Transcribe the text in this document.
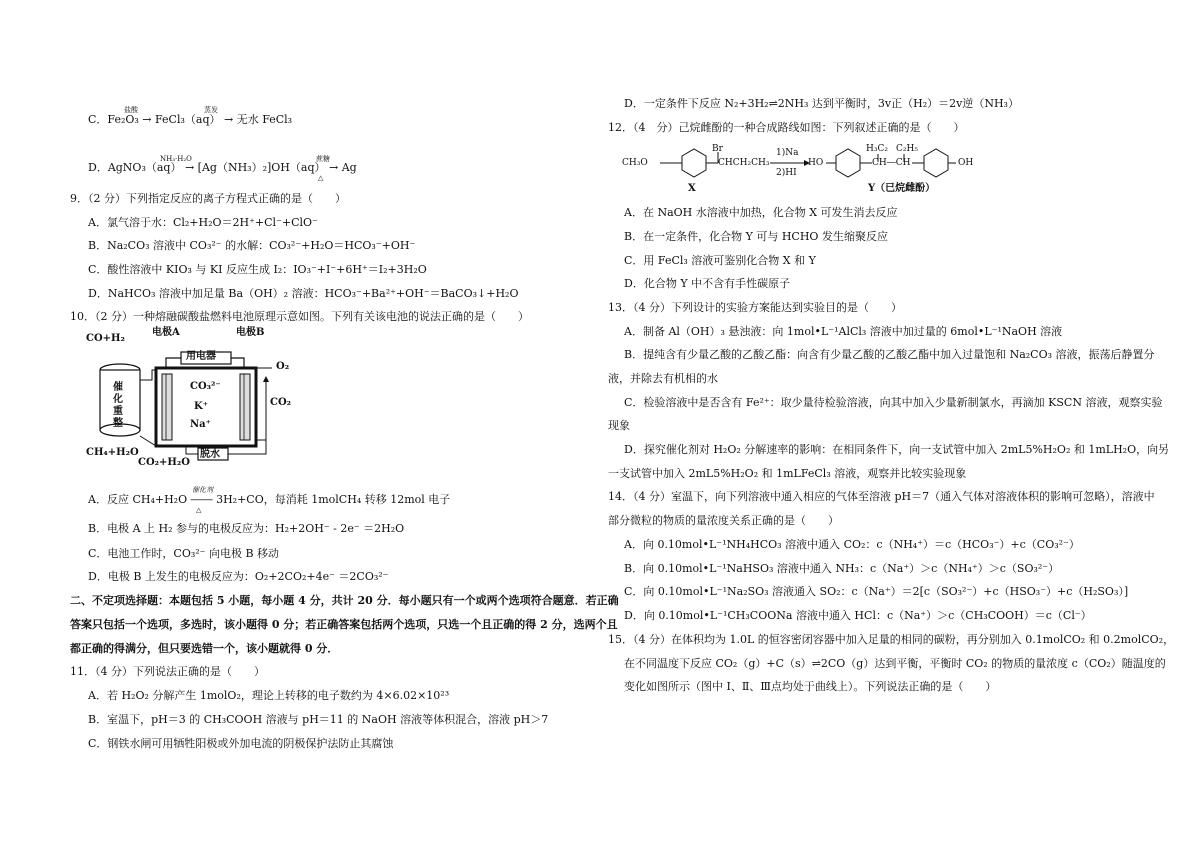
盐酸	蒸发
C．Fe₂O₃ → FeCl₃（aq） → 无水 FeCl₃
NH₃·H₂O	蔗糖
D．AgNO₃（aq） → [Ag（NH₃）₂]OH（aq） → Ag
△
9．（2 分）下列指定反应的离子方程式正确的是（　　）
A．氯气溶于水：Cl₂+H₂O＝2H⁺+Cl⁻+ClO⁻
B．Na₂CO₃ 溶液中 CO₃²⁻ 的水解：CO₃²⁻+H₂O＝HCO₃⁻+OH⁻
C．酸性溶液中 KIO₃ 与 KI 反应生成 I₂：IO₃⁻+I⁻+6H⁺＝I₂+3H₂O
D．NaHCO₃ 溶液中加足量 Ba（OH）₂ 溶液：HCO₃⁻+Ba²⁺+OH⁻＝BaCO₃↓+H₂O
10．（2 分）一种熔融碳酸盐燃料电池原理示意如图。下列有关该电池的说法正确的是（　　）
CO+H₂
电极A	电极B
用电器
O₂
CO₂
催化重整
CO₃²⁻
K⁺
Na⁺
CH₄+H₂O
CO₂+H₂O
脱水
催化剂
A．反应 CH₄+H₂O ―― 3H₂+CO，每消耗 1molCH₄ 转移 12mol 电子
△
B．电极 A 上 H₂ 参与的电极反应为：H₂+2OH⁻ - 2e⁻ ＝2H₂O
C．电池工作时，CO₃²⁻ 向电极 B 移动
D．电极 B 上发生的电极反应为：O₂+2CO₂+4e⁻ ＝2CO₃²⁻
二、不定项选择题：本题包括 5 小题，每小题 4 分，共计 20 分．每小题只有一个或两个选项符合题意．若正确
答案只包括一个选项，多选时，该小题得 0 分；若正确答案包括两个选项，只选一个且正确的得 2 分，选两个且
都正确的得满分，但只要选错一个，该小题就得 0 分．
11．（4 分）下列说法正确的是（　　）
A．若 H₂O₂ 分解产生 1molO₂，理论上转移的电子数约为 4×6.02×10²³
B．室温下，pH＝3 的 CH₃COOH 溶液与 pH＝11 的 NaOH 溶液等体积混合，溶液 pH＞7
C．钢铁水闸可用牺牲阳极或外加电流的阴极保护法防止其腐蚀
D．一定条件下反应 N₂+3H₂⇌2NH₃ 达到平衡时，3v正（H₂）＝2v逆（NH₃）
12．（4　分）己烷雌酚的一种合成路线如图：下列叙述正确的是（　　）
CH₃O
Br
CHCH₂CH₃
1)Na
2)HI
HO
H₃C₂ C₂H₅
CH―CH	OH
X	Y（已烷雌酚）
A．在 NaOH 水溶液中加热，化合物 X 可发生消去反应
B．在一定条件，化合物 Y 可与 HCHO 发生缩聚反应
C．用 FeCl₃ 溶液可鉴别化合物 X 和 Y
D．化合物 Y 中不含有手性碳原子
13．（4 分）下列设计的实验方案能达到实验目的是（　　）
A．制备 Al（OH）₃ 悬浊液：向 1mol•L⁻¹AlCl₃ 溶液中加过量的 6mol•L⁻¹NaOH 溶液
B．提纯含有少量乙酸的乙酸乙酯：向含有少量乙酸的乙酸乙酯中加入过量饱和 Na₂CO₃ 溶液，振荡后静置分
液，并除去有机相的水
C．检验溶液中是否含有 Fe²⁺：取少量待检验溶液，向其中加入少量新制氯水，再滴加 KSCN 溶液，观察实验
现象
D．探究催化剂对 H₂O₂ 分解速率的影响：在相同条件下，向一支试管中加入 2mL5%H₂O₂ 和 1mLH₂O，向另
一支试管中加入 2mL5%H₂O₂ 和 1mLFeCl₃ 溶液，观察并比较实验现象
14．（4 分）室温下，向下列溶液中通入相应的气体至溶液 pH＝7（通入气体对溶液体积的影响可忽略），溶液中
部分微粒的物质的量浓度关系正确的是（　　）
A．向 0.10mol•L⁻¹NH₄HCO₃ 溶液中通入 CO₂：c（NH₄⁺）＝c（HCO₃⁻）+c（CO₃²⁻）
B．向 0.10mol•L⁻¹NaHSO₃ 溶液中通入 NH₃：c（Na⁺）＞c（NH₄⁺）＞c（SO₃²⁻）
C．向 0.10mol•L⁻¹Na₂SO₃ 溶液通入 SO₂：c（Na⁺）＝2[c（SO₃²⁻）+c（HSO₃⁻）+c（H₂SO₃）]
D．向 0.10mol•L⁻¹CH₃COONa 溶液中通入 HCl：c（Na⁺）＞c（CH₃COOH）＝c（Cl⁻）
15．（4 分）在体积均为 1.0L 的恒容密闭容器中加入足量的相同的碳粉，再分别加入 0.1molCO₂ 和 0.2molCO₂，
在不同温度下反应 CO₂（g）+C（s）⇌2CO（g）达到平衡，平衡时 CO₂ 的物质的量浓度 c（CO₂）随温度的
变化如图所示（图中 Ⅰ、Ⅱ、Ⅲ点均处于曲线上）。下列说法正确的是（　　）
